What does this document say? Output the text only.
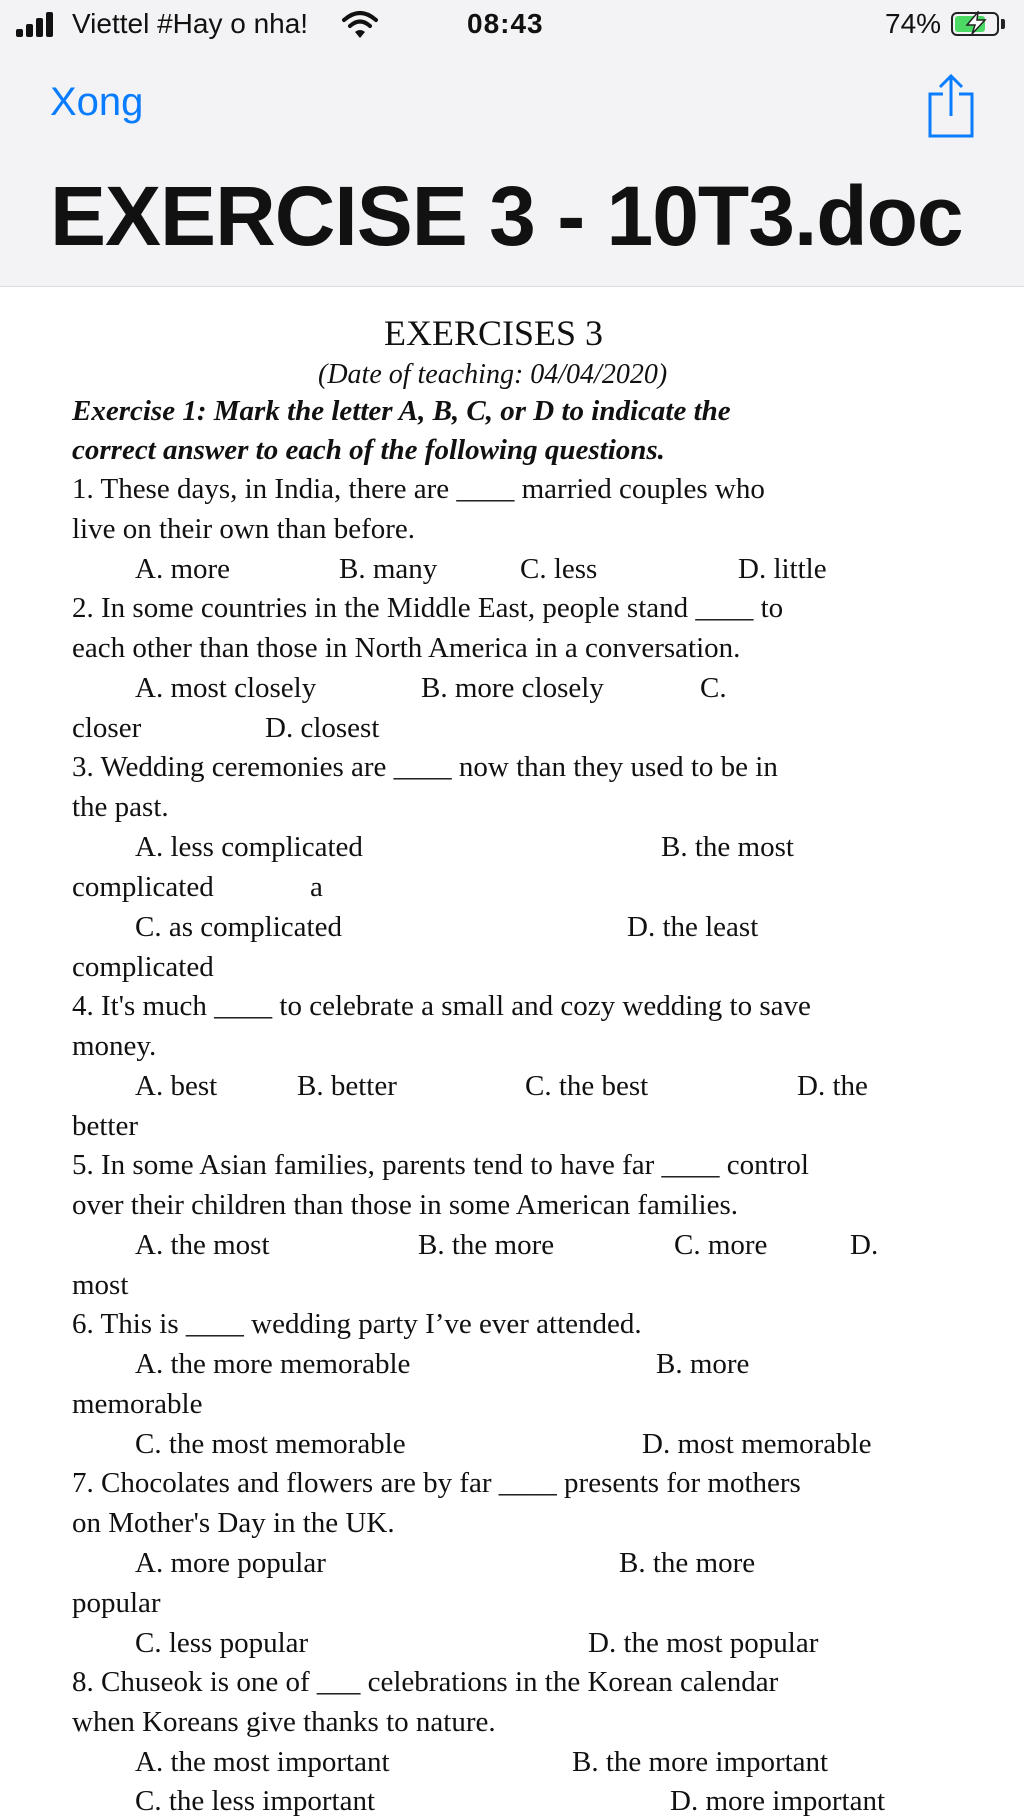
Viettel #Hay o nha!	08:43	74%
Xong
EXERCISE 3 - 10T3.doc
EXERCISES 3
(Date of teaching: 04/04/2020)
Exercise 1: Mark the letter A, B, C, or D to indicate the
correct answer to each of the following questions.
1. These days, in India, there are ____ married couples who
live on their own than before.
A. more	B. many	C. less	D. little
2. In some countries in the Middle East, people stand ____ to
each other than those in North America in a conversation.
A. most closely	B. more closely	C.
closer	D. closest
3. Wedding ceremonies are ____ now than they used to be in
the past.
A. less complicated	B. the most
complicated	a
C. as complicated	D. the least
complicated
4. It's much ____ to celebrate a small and cozy wedding to save
money.
A. best	B. better	C. the best	D. the
better
5. In some Asian families, parents tend to have far ____ control
over their children than those in some American families.
A. the most	B. the more	C. more	D.
most
6. This is ____ wedding party I’ve ever attended.
A. the more memorable	B. more
memorable
C. the most memorable	D. most memorable
7. Chocolates and flowers are by far ____ presents for mothers
on Mother's Day in the UK.
A. more popular	B. the more
popular
C. less popular	D. the most popular
8. Chuseok is one of ___ celebrations in the Korean calendar
when Koreans give thanks to nature.
A. the most important	B. the more important
C. the less important	D. more important
